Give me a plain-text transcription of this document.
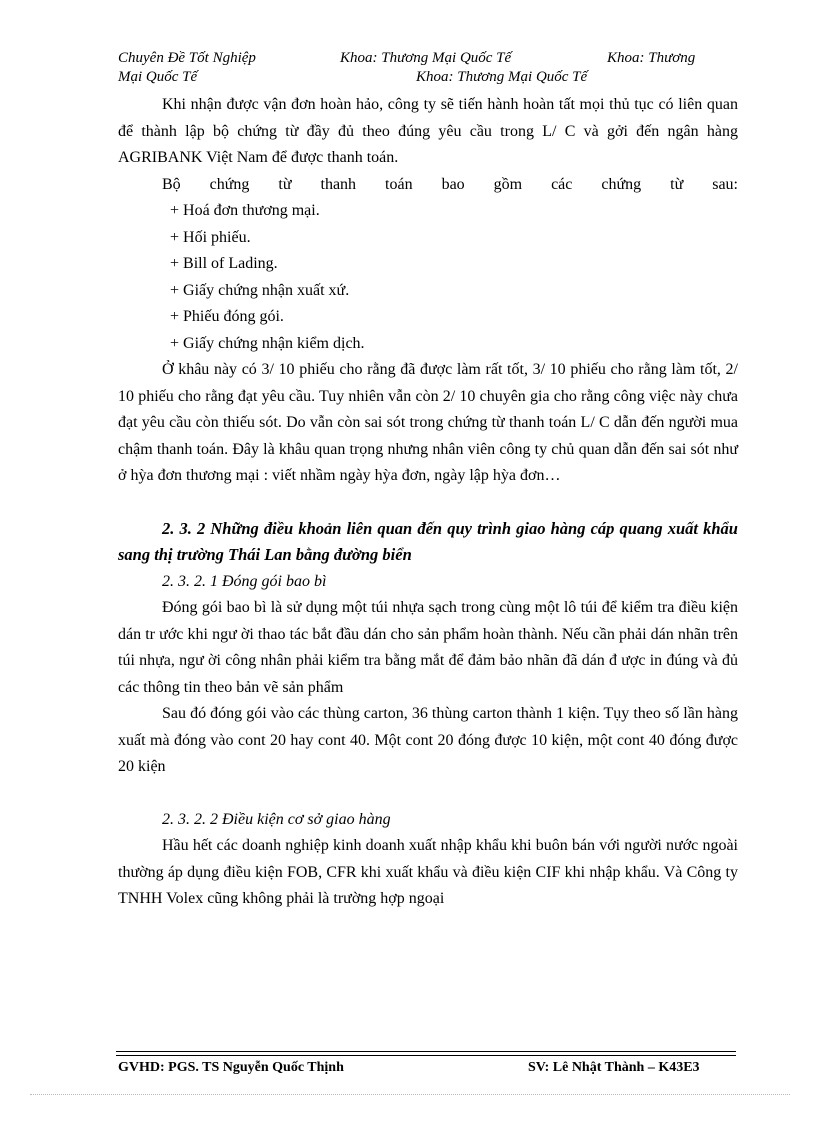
Chuyên Đề Tốt Nghiệp	Khoa: Thương Mại Quốc Tế	Khoa: Thương
Mại Quốc Tế	Khoa: Thương Mại Quốc Tế

Khi nhận được vận đơn hoàn hảo, công ty sẽ tiến hành hoàn tất mọi thủ tục có liên quan để thành lập bộ chứng từ đầy đủ theo đúng yêu cầu trong L/ C và gởi đến ngân hàng AGRIBANK Việt Nam để được thanh toán.

Bộ chứng từ thanh toán bao gồm các chứng từ sau:

+ Hoá đơn thương mại.

+ Hối phiếu.

+ Bill of Lading.

+ Giấy chứng nhận xuất xứ.

+ Phiếu đóng gói.

+ Giấy chứng nhận kiểm dịch.

Ở khâu này có 3/ 10 phiếu cho rằng đã được làm rất tốt, 3/ 10 phiếu cho rằng làm tốt, 2/ 10 phiếu cho rằng đạt yêu cầu. Tuy nhiên vẫn còn 2/ 10 chuyên gia cho rằng công việc này chưa đạt yêu cầu còn thiếu sót. Do vẫn còn sai sót trong chứng từ thanh toán L/ C dẫn đến người mua chậm thanh toán. Đây là khâu quan trọng nhưng nhân viên công ty chủ quan dẫn đến sai sót như ở hỳa đơn thương mại : viết nhầm ngày hỳa đơn, ngày lập hỳa đơn…

2. 3. 2 Những điều khoản liên quan đến quy trình giao hàng cáp quang xuất khẩu sang thị trường Thái Lan bằng đường biển

2. 3. 2. 1 Đóng gói bao bì

Đóng gói bao bì là sử dụng một túi nhựa sạch trong cùng một lô túi để kiểm tra điều kiện dán tr ước khi ngư ời thao tác bắt đầu dán cho sản phẩm hoàn thành. Nếu cần phải dán nhãn trên túi nhựa, ngư ời công nhân phải kiểm tra bằng mắt để đảm bảo nhãn đã dán đ ược in đúng và đủ các thông tin theo bản vẽ sản phẩm

Sau đó đóng gói vào các thùng carton, 36 thùng carton thành 1 kiện. Tụy theo số lần hàng xuất mà đóng vào cont 20 hay cont 40. Một cont 20 đóng được 10 kiện, một cont 40 đóng được 20 kiện

2. 3. 2. 2 Điều kiện cơ sở giao hàng

Hầu hết các doanh nghiệp kinh doanh xuất nhập khẩu khi buôn bán với người nước ngoài thường áp dụng điều kiện FOB, CFR khi xuất khẩu và điều kiện CIF khi nhập khẩu. Và Công ty TNHH Volex cũng không phải là trường hợp ngoại

GVHD: PGS. TS Nguyễn Quốc Thịnh	SV: Lê Nhật Thành – K43E3
